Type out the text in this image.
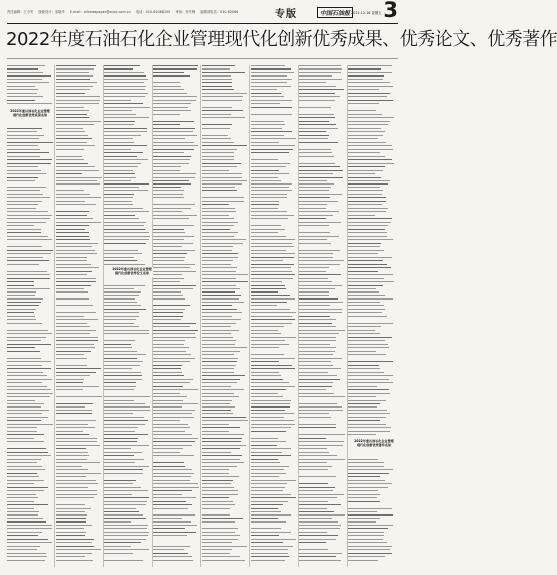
责任编辑：王小安 版面设计：宋晓华 E-mail：oilnewspaper@cnpc.com.cn 电话：010-62066200 审读：李冬梅 编辑部电话：010-62066	专版	中国石油报 2022.12.16 星期五 3
2022年度石油石化企业管理现代化创新优秀成果、优秀论文、优秀著作
2022年度石油石化企业管理现代化创新优秀成果名单
2022年度石油石化企业管理现代化创新优秀论文名单
2022年度石油石化企业管理现代化创新优秀著作名单
